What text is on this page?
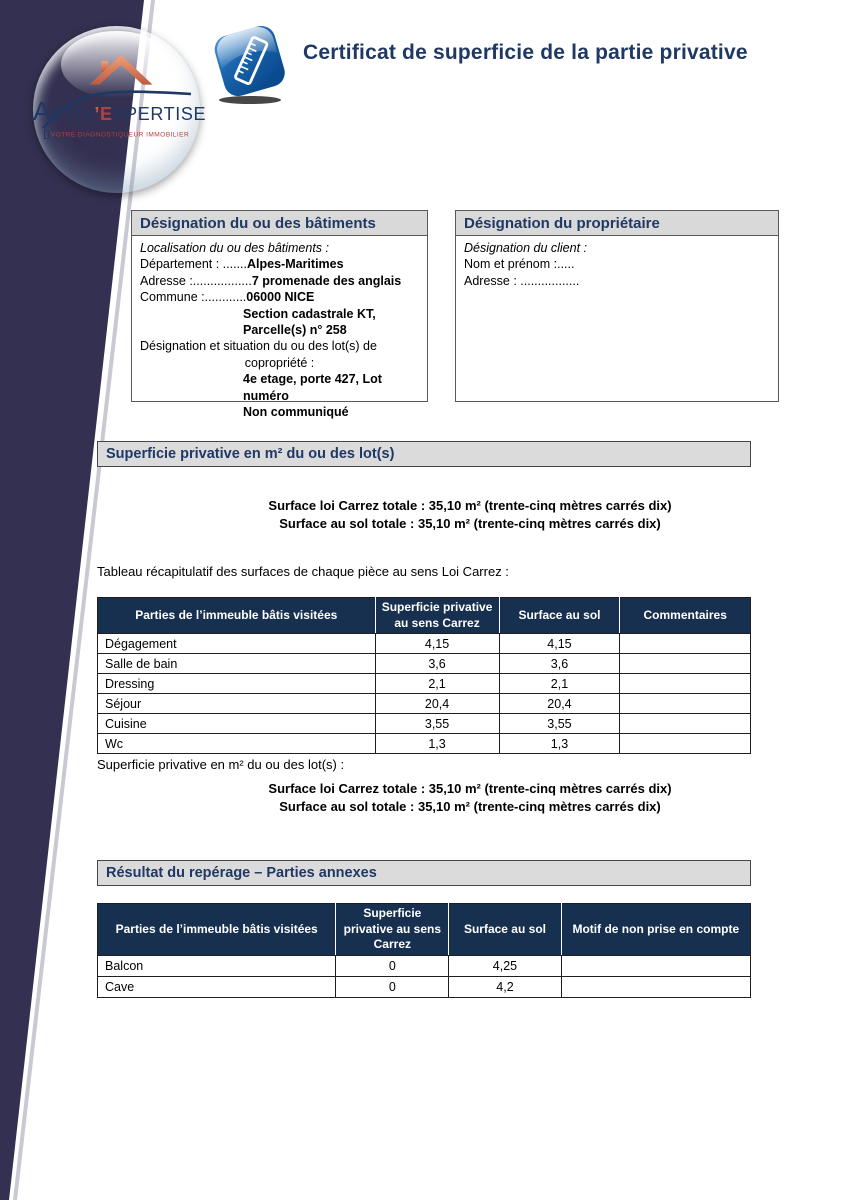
ACTIV’EXPERTISE
VOTRE DIAGNOSTIQUEUR IMMOBILIER
Certificat de superficie de la partie privative
Désignation du ou des bâtiments
Localisation du ou des bâtiments :
Département : .......Alpes-Maritimes
Adresse :.................7 promenade des anglais
Commune :............06000 NICE
Section cadastrale KT,
Parcelle(s) n° 258
Désignation et situation du ou des lot(s) de
copropriété :
4e etage, porte 427, Lot numéro
Non communiqué
Désignation du propriétaire
Désignation du client :
Nom et prénom :.....
Adresse : .................
Superficie privative en m² du ou des lot(s)
Surface loi Carrez totale : 35,10 m² (trente-cinq mètres carrés dix)
Surface au sol totale : 35,10 m² (trente-cinq mètres carrés dix)
Tableau récapitulatif des surfaces de chaque pièce au sens Loi Carrez :
Parties de l’immeuble bâtis visitées	Superficie privative au sens Carrez	Surface au sol	Commentaires
Dégagement	4,15	4,15	
Salle de bain	3,6	3,6	
Dressing	2,1	2,1	
Séjour	20,4	20,4	
Cuisine	3,55	3,55	
Wc	1,3	1,3	
Superficie privative en m² du ou des lot(s) :
Surface loi Carrez totale : 35,10 m² (trente-cinq mètres carrés dix)
Surface au sol totale : 35,10 m² (trente-cinq mètres carrés dix)
Résultat du repérage – Parties annexes
Parties de l’immeuble bâtis visitées	Superficie privative au sens Carrez	Surface au sol	Motif de non prise en compte
Balcon	0	4,25	
Cave	0	4,2	
